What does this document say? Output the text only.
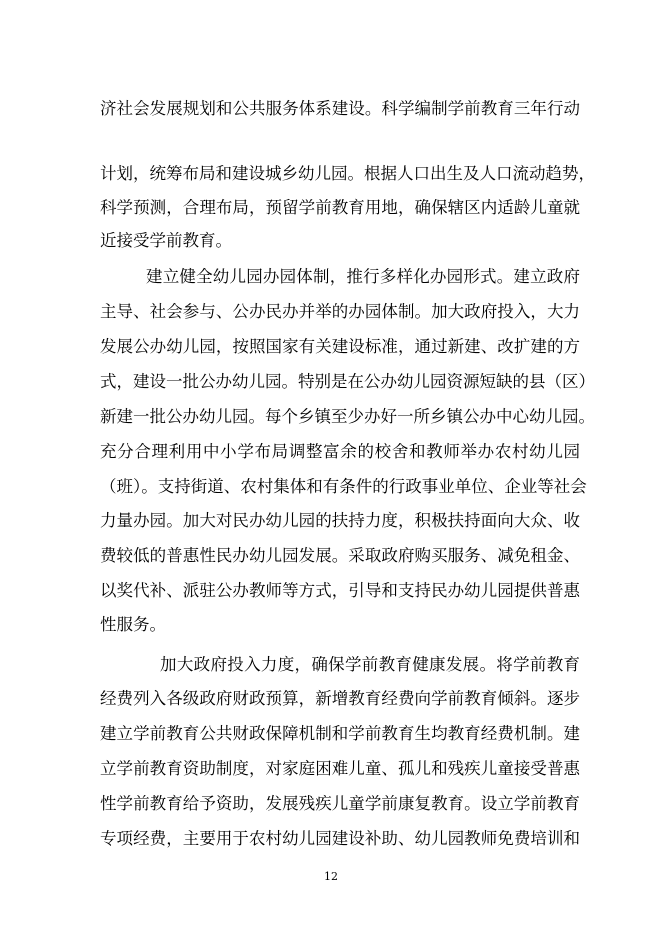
济社会发展规划和公共服务体系建设。科学编制学前教育三年行动
计划，统筹布局和建设城乡幼儿园。根据人口出生及人口流动趋势，
科学预测，合理布局，预留学前教育用地，确保辖区内适龄儿童就
近接受学前教育。
建立健全幼儿园办园体制，推行多样化办园形式。建立政府
主导、社会参与、公办民办并举的办园体制。加大政府投入，大力
发展公办幼儿园，按照国家有关建设标准，通过新建、改扩建的方
式，建设一批公办幼儿园。特别是在公办幼儿园资源短缺的县（区）
新建一批公办幼儿园。每个乡镇至少办好一所乡镇公办中心幼儿园。
充分合理利用中小学布局调整富余的校舍和教师举办农村幼儿园
（班）。支持街道、农村集体和有条件的行政事业单位、企业等社会
力量办园。加大对民办幼儿园的扶持力度，积极扶持面向大众、收
费较低的普惠性民办幼儿园发展。采取政府购买服务、减免租金、
以奖代补、派驻公办教师等方式，引导和支持民办幼儿园提供普惠
性服务。
加大政府投入力度，确保学前教育健康发展。将学前教育
经费列入各级政府财政预算，新增教育经费向学前教育倾斜。逐步
建立学前教育公共财政保障机制和学前教育生均教育经费机制。建
立学前教育资助制度，对家庭困难儿童、孤儿和残疾儿童接受普惠
性学前教育给予资助，发展残疾儿童学前康复教育。设立学前教育
专项经费，主要用于农村幼儿园建设补助、幼儿园教师免费培训和
12
